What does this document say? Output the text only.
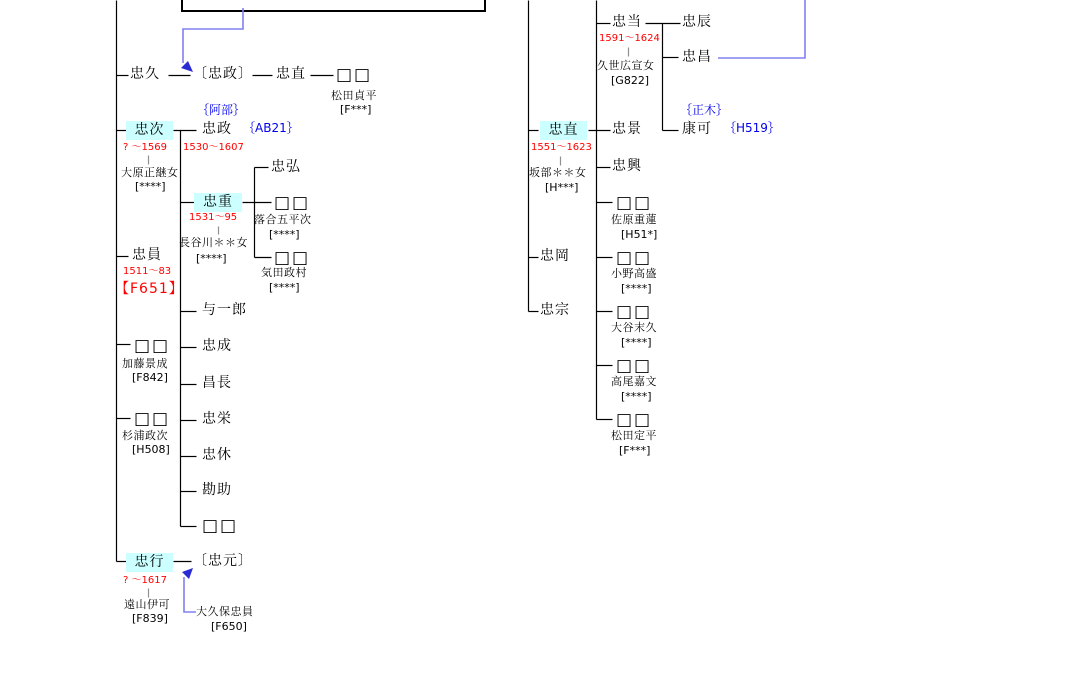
忠久 〔忠政〕 忠直 □□
松田貞平
[F***]
｛阿部｝
忠次	忠政 ｛AB21｝
? ～1569
大原正継女
[****]
1530～1607
忠重
1531～95
長谷川＊＊女
[****]
忠弘
□□
落合五平次
[****]
□□
気田政村
[****]
忠員
1511～83
【F651】
与一郎
忠成
昌長
忠栄
忠休
勘助
□□
□□
加藤景成
[F842]
□□
杉浦政次
[H508]
忠行	〔忠元〕
? ～1617
遠山伊可
[F839]
大久保忠員
[F650]
忠直
1551～1623
坂部＊＊女
[H***]
忠岡
忠宗
忠当
1591～1624
久世広宣女
[G822]
忠辰
忠昌
｛正木｝
康可 ｛H519｝
忠景
忠興
□□
佐原重蓮
[H51*]
□□
小野高盛
[****]
□□
大谷末久
[****]
□□
高尾嘉文
[****]
□□
松田定平
[F***]
